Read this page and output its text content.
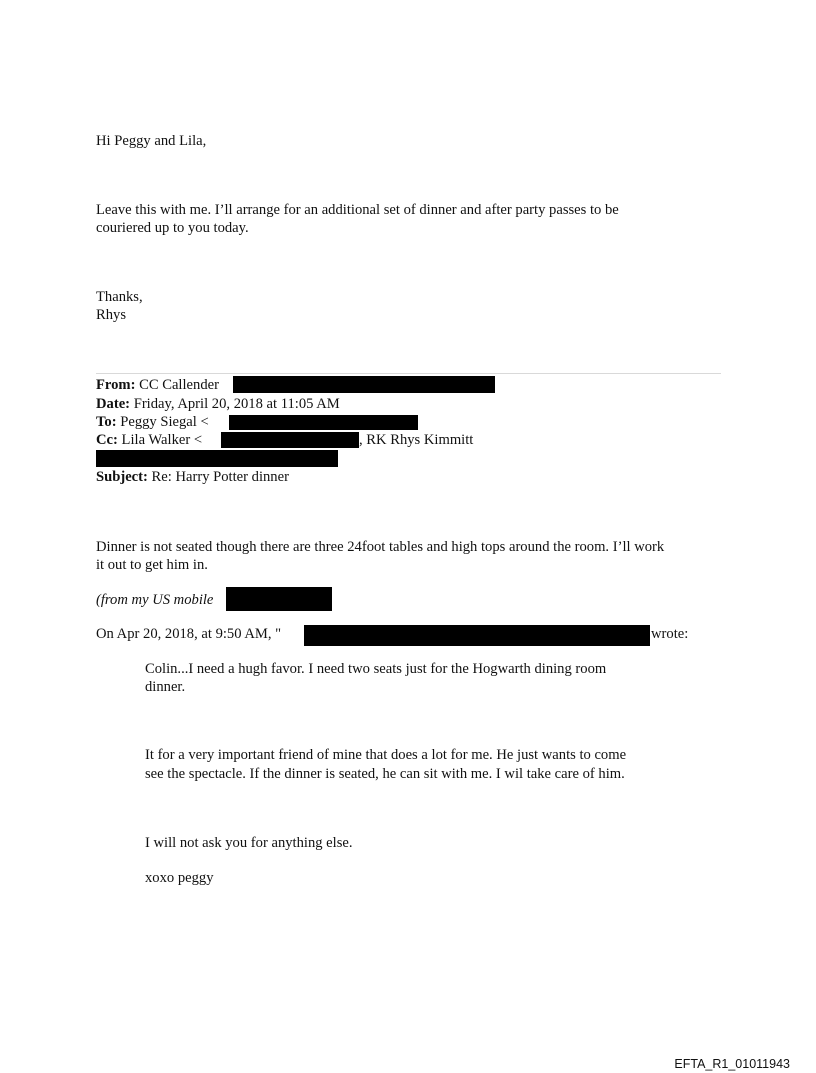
Hi Peggy and Lila,
Leave this with me. I’ll arrange for an additional set of dinner and after party passes to be
couriered up to you today.
Thanks,
Rhys
From: CC Callender
Date: Friday, April 20, 2018 at 11:05 AM
To: Peggy Siegal <
Cc: Lila Walker <	, RK Rhys Kimmitt
Subject: Re: Harry Potter dinner
Dinner is not seated though there are three 24foot tables and high tops around the room. I’ll work
it out to get him in.
(from my US mobile
On Apr 20, 2018, at 9:50 AM, "	wrote:
Colin...I need a hugh favor. I need two seats just for the Hogwarth dining room
dinner.
It for a very important friend of mine that does a lot for me. He just wants to come
see the spectacle. If the dinner is seated, he can sit with me. I wil take care of him.
I will not ask you for anything else.
xoxo peggy
EFTA_R1_01011943
